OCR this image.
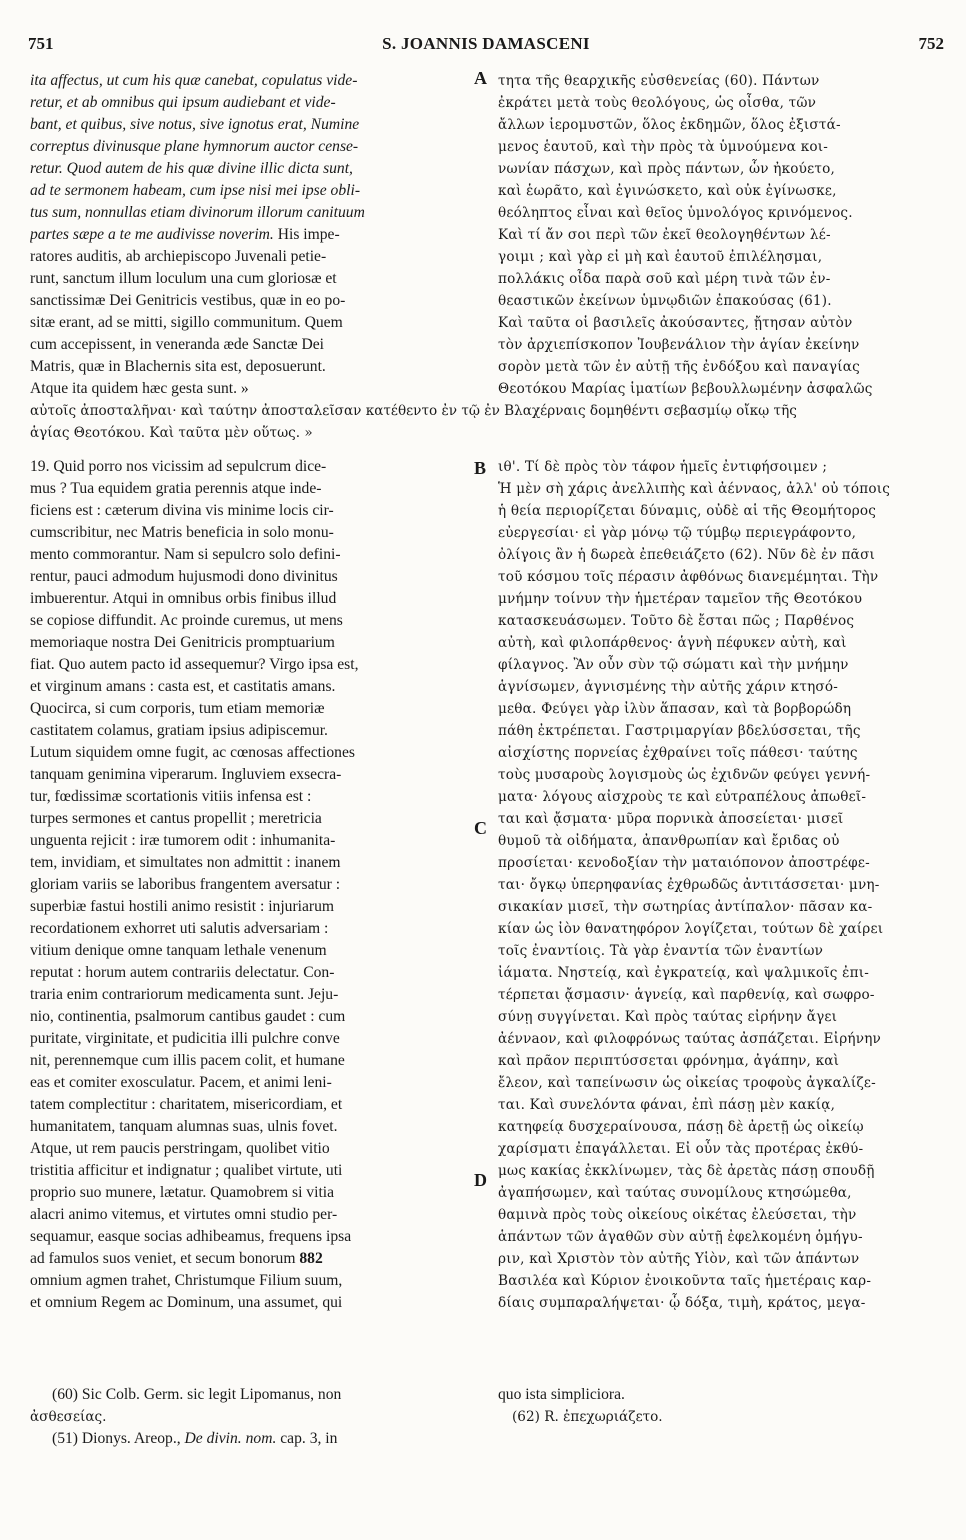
751	S. JOANNIS DAMASCENI	752
ita affectus, ut cum his quæ canebat, copulatus vide-
retur, et ab omnibus qui ipsum audiebant et vide-
bant, et quibus, sive notus, sive ignotus erat, Numine
correptus divinusque plane hymnorum auctor cense-
retur. Quod autem de his quæ divine illic dicta sunt,
ad te sermonem habeam, cum ipse nisi mei ipse obli-
tus sum, nonnullas etiam divinorum illorum canituum
partes sæpe a te me audivisse noverim. His impe-
ratores auditis, ab archiepiscopo Juvenali petie-
runt, sanctum illum loculum una cum gloriosæ et
sanctissimæ Dei Genitricis vestibus, quæ in eo po-
sitæ erant, ad se mitti, sigillo communitum. Quem
cum accepissent, in veneranda æde Sanctæ Dei
Matris, quæ in Blachernis sita est, deposuerunt.
Atque ita quidem hæc gesta sunt. »
τητα τῆς θεαρχικῆς εὐσθενείας (60). Πάντων
ἐκράτει μετὰ τοὺς θεολόγους, ὡς οἶσθα, τῶν
ἄλλων ἱερομυστῶν, ὅλος ἐκδημῶν, ὅλος ἐξιστά-
μενος ἑαυτοῦ, καὶ τὴν πρὸς τὰ ὑμνούμενα κοι-
νωνίαν πάσχων, καὶ πρὸς πάντων, ὧν ἠκούετο,
καὶ ἑωρᾶτο, καὶ ἐγινώσκετο, καὶ οὐκ ἐγίνωσκε,
θεόληπτος εἶναι καὶ θεῖος ὑμνολόγος κρινόμενος.
Καὶ τί ἄν σοι περὶ τῶν ἐκεῖ θεολογηθέντων λέ-
γοιμι ; καὶ γὰρ εἰ μὴ καὶ ἑαυτοῦ ἐπιλέλησμαι,
πολλάκις οἶδα παρὰ σοῦ καὶ μέρη τινὰ τῶν ἐν-
θεαστικῶν ἐκείνων ὑμνῳδιῶν ἐπακούσας (61).
Καὶ ταῦτα οἱ βασιλεῖς ἀκούσαντες, ᾔτησαν αὐτὸν
τὸν ἀρχιεπίσκοπον Ἰουβενάλιον τὴν ἁγίαν ἐκείνην
σορὸν μετὰ τῶν ἐν αὐτῇ τῆς ἐνδόξου καὶ παναγίας
Θεοτόκου Μαρίας ἱματίων βεβουλλωμένην ἀσφαλῶς
αὐτοῖς ἀποσταλῆναι· καὶ ταύτην ἀποσταλεῖσαν κατέθεντο ἐν τῷ ἐν Βλαχέρναις δομηθέντι σεβασμίῳ οἴκῳ τῆς
ἁγίας Θεοτόκου. Καὶ ταῦτα μὲν οὕτως. »
19. Quid porro nos vicissim ad sepulcrum dice-
mus ? Tua equidem gratia perennis atque inde-
ficiens est : cæterum divina vis minime locis cir-
cumscribitur, nec Matris beneficia in solo monu-
mento commorantur. Nam si sepulcro solo defini-
rentur, pauci admodum hujusmodi dono divinitus
imbuerentur. Atqui in omnibus orbis finibus illud
se copiose diffundit. Ac proinde curemus, ut mens
memoriaque nostra Dei Genitricis promptuarium
fiat. Quo autem pacto id assequemur? Virgo ipsa est,
et virginum amans : casta est, et castitatis amans.
Quocirca, si cum corporis, tum etiam memoriæ
castitatem colamus, gratiam ipsius adipiscemur.
Lutum siquidem omne fugit, ac cœnosas affectiones
tanquam genimina viperarum. Ingluviem exsecra-
tur, fœdissimæ scortationis vitiis infensa est :
turpes sermones et cantus propellit ; meretricia
unguenta rejicit : iræ tumorem odit : inhumanita-
tem, invidiam, et simultates non admittit : inanem
gloriam variis se laboribus frangentem aversatur :
superbiæ fastui hostili animo resistit : injuriarum
recordationem exhorret uti salutis adversariam :
vitium denique omne tanquam lethale venenum
reputat : horum autem contrariis delectatur. Con-
traria enim contrariorum medicamenta sunt. Jeju-
nio, continentia, psalmorum cantibus gaudet : cum
puritate, virginitate, et pudicitia illi pulchre conve
nit, perennemque cum illis pacem colit, et humane
eas et comiter exosculatur. Pacem, et animi leni-
tatem complectitur : charitatem, misericordiam, et
humanitatem, tanquam alumnas suas, ulnis fovet.
Atque, ut rem paucis perstringam, quolibet vitio
tristitia afficitur et indignatur ; qualibet virtute, uti
proprio suo munere, lætatur. Quamobrem si vitia
alacri animo vitemus, et virtutes omni studio per-
sequamur, easque socias adhibeamus, frequens ipsa
ad famulos suos veniet, et secum bonorum 882
omnium agmen trahet, Christumque Filium suum,
et omnium Regem ac Dominum, una assumet, qui
ιθ'. Τί δὲ πρὸς τὸν τάφον ἡμεῖς ἐντιφήσοιμεν ;
Ἡ μὲν σὴ χάρις ἀνελλιπὴς καὶ ἀένναος, ἀλλ' οὐ τόποις
ἡ θεία περιορίζεται δύναμις, οὐδὲ αἱ τῆς Θεομήτορος
εὐεργεσίαι· εἰ γὰρ μόνῳ τῷ τύμβῳ περιεγράφοντο,
ὀλίγοις ἂν ἡ δωρεὰ ἐπεθειάζετο (62). Νῦν δὲ ἐν πᾶσι
τοῦ κόσμου τοῖς πέρασιν ἀφθόνως διανεμέμηται. Τὴν
μνήμην τοίνυν τὴν ἡμετέραν ταμεῖον τῆς Θεοτόκου
κατασκευάσωμεν. Τοῦτο δὲ ἔσται πῶς ; Παρθένος
αὐτὴ, καὶ φιλοπάρθενος· ἁγνὴ πέφυκεν αὐτὴ, καὶ
φίλαγνος. Ἂν οὖν σὺν τῷ σώματι καὶ τὴν μνήμην
ἁγνίσωμεν, ἁγνισμένης τὴν αὐτῆς χάριν κτησό-
μεθα. Φεύγει γὰρ ἰλὺν ἅπασαν, καὶ τὰ βορβορώδη
πάθη ἐκτρέπεται. Γαστριμαργίαν βδελύσσεται, τῆς
αἰσχίστης πορνείας ἐχθραίνει τοῖς πάθεσι· ταύτης
τοὺς μυσαροὺς λογισμοὺς ὡς ἐχιδνῶν φεύγει γεννή-
ματα· λόγους αἰσχροὺς τε καὶ εὐτραπέλους ἀπωθεῖ-
ται καὶ ᾄσματα· μῦρα πορνικὰ ἀποσείεται· μισεῖ
θυμοῦ τὰ οἰδήματα, ἀπανθρωπίαν καὶ ἔριδας οὐ
προσίεται· κενοδοξίαν τὴν ματαιόπονον ἀποστρέφε-
ται· ὄγκῳ ὑπερηφανίας ἐχθρωδῶς ἀντιτάσσεται· μνη-
σικακίαν μισεῖ, τὴν σωτηρίας ἀντίπαλον· πᾶσαν κα-
κίαν ὡς ἰὸν θανατηφόρον λογίζεται, τούτων δὲ χαίρει
τοῖς ἐναντίοις. Τὰ γὰρ ἐναντία τῶν ἐναντίων
ἰάματα. Νηστείᾳ, καὶ ἐγκρατείᾳ, καὶ ψαλμικοῖς ἐπι-
τέρπεται ᾄσμασιν· ἁγνείᾳ, καὶ παρθενίᾳ, καὶ σωφρο-
σύνῃ συγγίνεται. Καὶ πρὸς ταύτας εἰρήνην ἄγει
ἀέννaον, καὶ φιλοφρόνως ταύτας ἀσπάζεται. Εἰρήνην
καὶ πρᾶον περιπτύσσεται φρόνημα, ἀγάπην, καὶ
ἔλεον, καὶ ταπείνωσιν ὡς οἰκείας τροφοὺς ἀγκαλίζε-
ται. Καὶ συνελόντα φάναι, ἐπὶ πάσῃ μὲν κακίᾳ,
κατηφείᾳ δυσχεραίνουσα, πάσῃ δὲ ἀρετῇ ὡς οἰκείῳ
χαρίσματι ἐπαγάλλεται. Εἰ οὖν τὰς προτέρας ἐκθύ-
μως κακίας ἐκκλίνωμεν, τὰς δὲ ἀρετὰς πάσῃ σπουδῇ
ἀγαπήσωμεν, καὶ ταύτας συνομίλους κτησώμεθα,
θαμινὰ πρὸς τοὺς οἰκείους οἰκέτας ἐλεύσεται, τὴν
ἁπάντων τῶν ἀγαθῶν σὺν αὐτῇ ἐφελκομένη ὁμήγυ-
ριν, καὶ Χριστὸν τὸν αὐτῆς Υἱὸν, καὶ τῶν ἁπάντων
Βασιλέα καὶ Κύριον ἐνοικοῦντα ταῖς ἡμετέραις καρ-
δίαις συμπαραλήψεται· ᾧ δόξα, τιμὴ, κράτος, μεγα-
A
B
C
D
(60) Sic Colb. Germ. sic legit Lipomanus, non
ἀσθεσείας.
(51) Dionys. Areop., De divin. nom. cap. 3, in
quo ista simpliciora.
(62) R. ἐπεχωριάζετο.
